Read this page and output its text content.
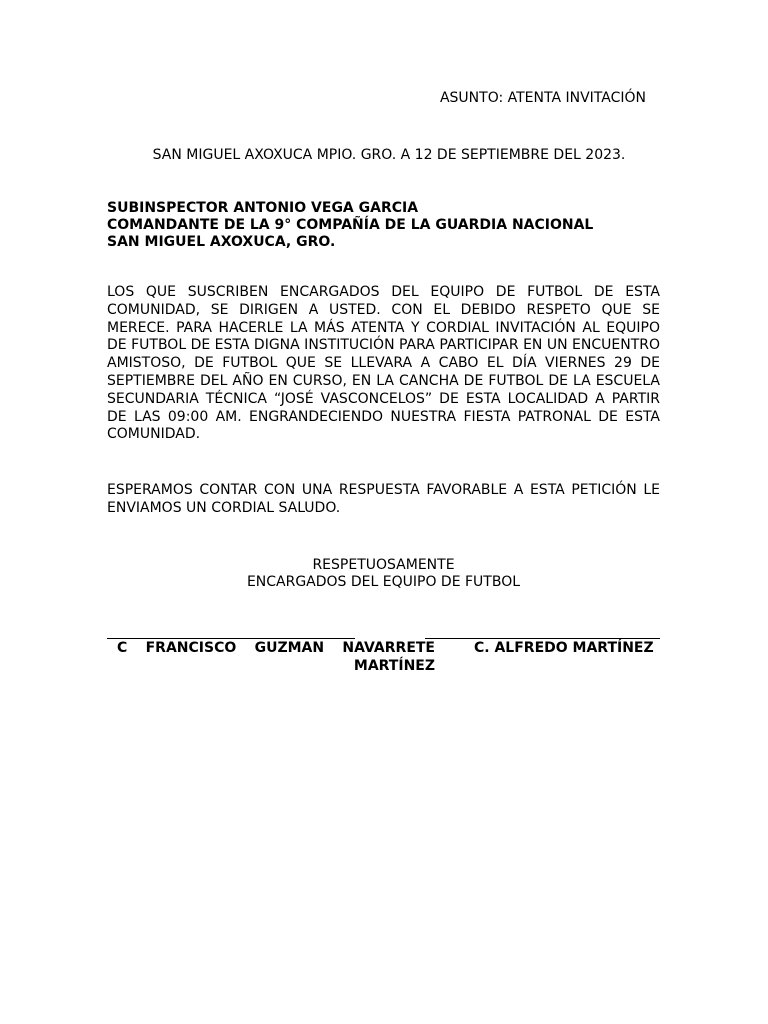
ASUNTO: ATENTA INVITACIÓN
SAN MIGUEL AXOXUCA MPIO. GRO. A 12 DE SEPTIEMBRE DEL 2023.
SUBINSPECTOR ANTONIO VEGA GARCIA
COMANDANTE DE LA 9° COMPAÑÍA DE LA GUARDIA NACIONAL
SAN MIGUEL AXOXUCA, GRO.
LOS QUE SUSCRIBEN ENCARGADOS DEL EQUIPO DE FUTBOL DE ESTA COMUNIDAD, SE DIRIGEN A USTED. CON EL DEBIDO RESPETO QUE SE MERECE. PARA HACERLE LA MÁS ATENTA Y CORDIAL INVITACIÓN AL EQUIPO DE FUTBOL DE ESTA DIGNA INSTITUCIÓN PARA PARTICIPAR EN UN ENCUENTRO AMISTOSO, DE FUTBOL QUE SE LLEVARA A CABO EL DÍA VIERNES 29 DE SEPTIEMBRE DEL AÑO EN CURSO, EN LA CANCHA DE FUTBOL DE LA ESCUELA SECUNDARIA TÉCNICA “JOSÉ VASCONCELOS” DE ESTA LOCALIDAD A PARTIR DE LAS 09:00 AM. ENGRANDECIENDO NUESTRA FIESTA PATRONAL DE ESTA COMUNIDAD.
ESPERAMOS CONTAR CON UNA RESPUESTA FAVORABLE A ESTA PETICIÓN LE ENVIAMOS UN CORDIAL SALUDO.
RESPETUOSAMENTE
ENCARGADOS DEL EQUIPO DE FUTBOL
C FRANCISCO GUZMAN NAVARRETE MARTÍNEZ
C. ALFREDO MARTÍNEZ
